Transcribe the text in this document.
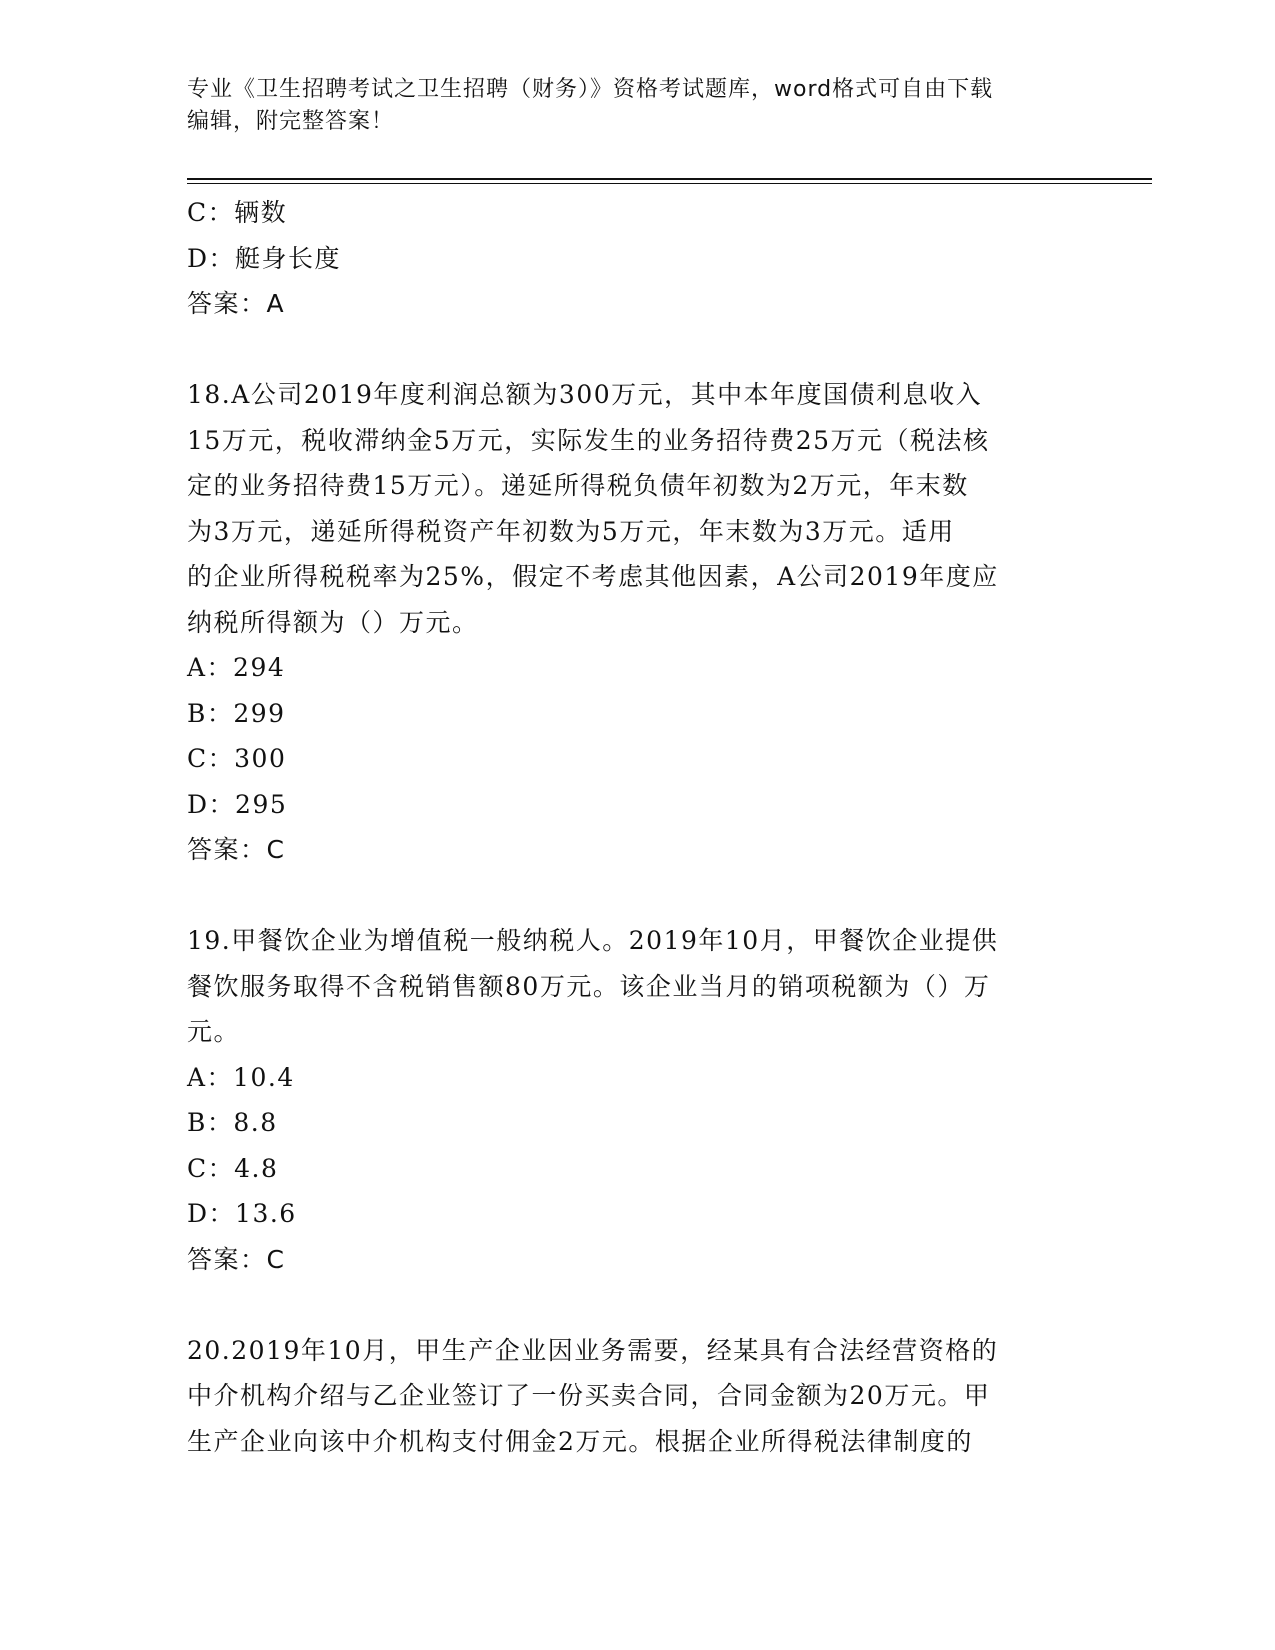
专业《卫生招聘考试之卫生招聘（财务）》资格考试题库，word格式可自由下载
编辑，附完整答案！
C：辆数
D：艇身长度
答案：A
18.A公司2019年度利润总额为300万元，其中本年度国债利息收入
15万元，税收滞纳金5万元，实际发生的业务招待费25万元（税法核
定的业务招待费15万元）。递延所得税负债年初数为2万元，年末数
为3万元，递延所得税资产年初数为5万元，年末数为3万元。适用
的企业所得税税率为25%，假定不考虑其他因素，A公司2019年度应
纳税所得额为（）万元。
A：294
B：299
C：300
D：295
答案：C
19.甲餐饮企业为增值税一般纳税人。2019年10月，甲餐饮企业提供
餐饮服务取得不含税销售额80万元。该企业当月的销项税额为（）万
元。
A：10.4
B：8.8
C：4.8
D：13.6
答案：C
20.2019年10月，甲生产企业因业务需要，经某具有合法经营资格的
中介机构介绍与乙企业签订了一份买卖合同，合同金额为20万元。甲
生产企业向该中介机构支付佣金2万元。根据企业所得税法律制度的
